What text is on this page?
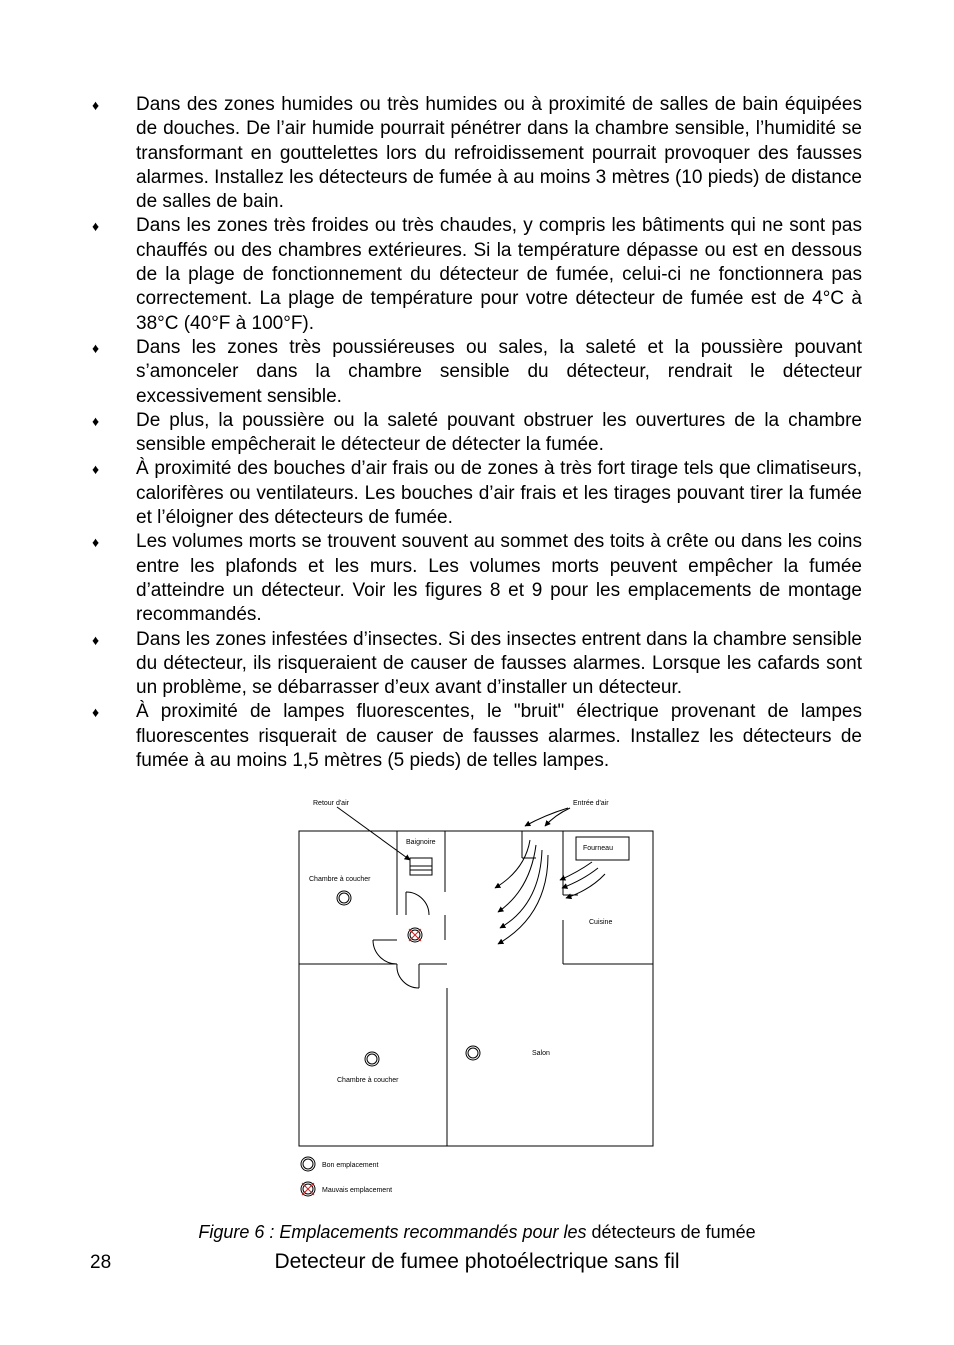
♦ Dans des zones humides ou très humides ou à proximité de salles de bain équipées de douches. De l’air humide pourrait pénétrer dans la chambre sensible, l’humidité se transformant en gouttelettes lors du refroidissement pourrait provoquer des fausses alarmes. Installez les détecteurs de fumée à au moins 3 mètres (10 pieds) de distance de salles de bain.
♦ Dans les zones très froides ou très chaudes, y compris les bâtiments qui ne sont pas chauffés ou des chambres extérieures. Si la température dépasse ou est en dessous de la plage de fonctionnement du détecteur de fumée, celui-ci ne fonctionnera pas correctement. La plage de température pour votre détecteur de fumée est de 4°C à 38°C (40°F à 100°F).
♦ Dans les zones très poussiéreuses ou sales, la saleté et la poussière pouvant s’amonceler dans la chambre sensible du détecteur, rendrait le détecteur excessivement sensible.
♦ De plus, la poussière ou la saleté pouvant obstruer les ouvertures de la chambre sensible empêcherait le détecteur de détecter la fumée.
♦ À proximité des bouches d’air frais ou de zones à très fort tirage tels que climatiseurs, calorifères ou ventilateurs. Les bouches d’air frais et les tirages pouvant tirer la fumée et l’éloigner des détecteurs de fumée.
♦ Les volumes morts se trouvent souvent au sommet des toits à crête ou dans les coins entre les plafonds et les murs. Les volumes morts peuvent empêcher la fumée d’atteindre un détecteur. Voir les figures 8 et 9 pour les emplacements de montage recommandés.
♦ Dans les zones infestées d’insectes. Si des insectes entrent dans la chambre sensible du détecteur, ils risqueraient de causer de fausses alarmes. Lorsque les cafards sont un problème, se débarrasser d’eux avant d’installer un détecteur.
♦ À proximité de lampes fluorescentes, le "bruit" électrique provenant de lampes fluorescentes risquerait de causer de fausses alarmes. Installez les détecteurs de fumée à au moins 1,5 mètres (5 pieds) de telles lampes.
Retour d'air	Entrée d'air
Baignoire
Fourneau
Chambre à coucher
Cuisine
Salon
Chambre à coucher
Bon emplacement
Mauvais emplacement
Figure 6 : Emplacements recommandés pour les détecteurs de fumée
28	Detecteur de fumee photoélectrique sans fil
